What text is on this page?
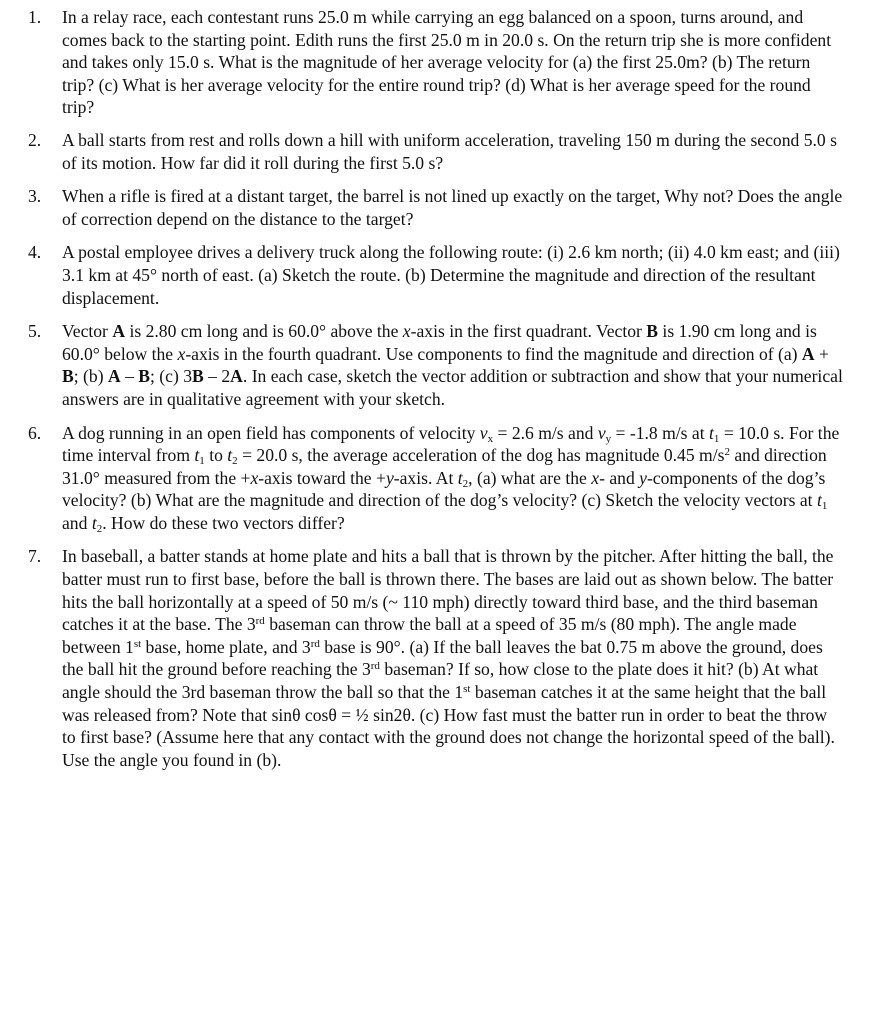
1. In a relay race, each contestant runs 25.0 m while carrying an egg balanced on a spoon, turns around, and comes back to the starting point. Edith runs the first 25.0 m in 20.0 s. On the return trip she is more confident and takes only 15.0 s. What is the magnitude of her average velocity for (a) the first 25.0m? (b) The return trip? (c) What is her average velocity for the entire round trip? (d) What is her average speed for the round trip?
2. A ball starts from rest and rolls down a hill with uniform acceleration, traveling 150 m during the second 5.0 s of its motion. How far did it roll during the first 5.0 s?
3. When a rifle is fired at a distant target, the barrel is not lined up exactly on the target, Why not? Does the angle of correction depend on the distance to the target?
4. A postal employee drives a delivery truck along the following route: (i) 2.6 km north; (ii) 4.0 km east; and (iii) 3.1 km at 45° north of east. (a) Sketch the route. (b) Determine the magnitude and direction of the resultant displacement.
5. Vector A is 2.80 cm long and is 60.0° above the x-axis in the first quadrant. Vector B is 1.90 cm long and is 60.0° below the x-axis in the fourth quadrant. Use components to find the magnitude and direction of (a) A + B; (b) A – B; (c) 3B – 2A. In each case, sketch the vector addition or subtraction and show that your numerical answers are in qualitative agreement with your sketch.
6. A dog running in an open field has components of velocity $v_x = 2.6$ m/s and $v_y = -1.8$ m/s at $t_1 = 10.0$ s. For the time interval from $t_1$ to $t_2 = 20.0$ s, the average acceleration of the dog has magnitude 0.45 $m/s^2$ and direction 31.0° measured from the +x-axis toward the +y-axis. At $t_2$, (a) what are the x- and y-components of the dog’s velocity? (b) What are the magnitude and direction of the dog’s velocity? (c) Sketch the velocity vectors at $t_1$ and $t_2$. How do these two vectors differ?
7. In baseball, a batter stands at home plate and hits a ball that is thrown by the pitcher. After hitting the ball, the batter must run to first base, before the ball is thrown there. The bases are laid out as shown below. The batter hits the ball horizontally at a speed of 50 m/s (~ 110 mph) directly toward third base, and the third baseman catches it at the base. The 3rd baseman can throw the ball at a speed of 35 m/s (80 mph). The angle made between 1st base, home plate, and 3rd base is 90°. (a) If the ball leaves the bat 0.75 m above the ground, does the ball hit the ground before reaching the 3rd baseman? If so, how close to the plate does it hit? (b) At what angle should the 3rd baseman throw the ball so that the 1st baseman catches it at the same height that the ball was released from? Note that sinθ cosθ = ½ sin2θ. (c) How fast must the batter run in order to beat the throw to first base? (Assume here that any contact with the ground does not change the horizontal speed of the ball). Use the angle you found in (b).
